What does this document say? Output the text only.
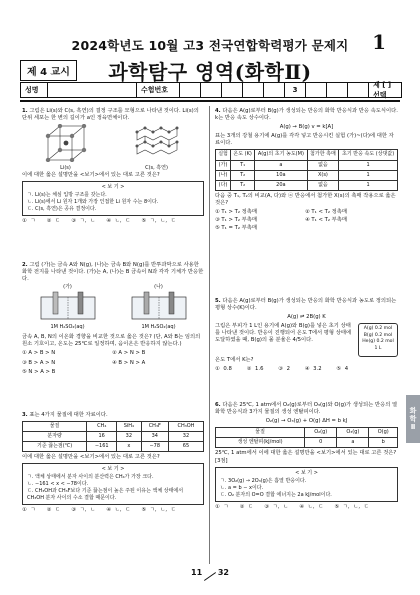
2024학년도 10월 고3 전국연합학력평가 문제지	1
제 4 교시	과학탐구 영역(화학Ⅱ)
성명	수험번호	3
제 [ ] 선택

1. 그림은 Li(s)와 C(s, 흑연)의 결정 구조를 모형으로 나타낸 것이다. Li(s)의 단위 세포는 한 변의 길이가 a인 정육면체이다.

Li(s)	C(s, 흑연)

이에 대한 옳은 설명만을 <보기>에서 있는 대로 고른 것은?

< 보 기 >
ㄱ. Li(s)는 체심 입방 구조를 갖는다.
ㄴ. Li(s)에서 Li 원자 1개와 가장 인접한 Li 원자 수는 8이다.
ㄷ. C(s, 흑연)은 공유 결정이다.
① ㄱ   ② ㄷ   ③ ㄱ, ㄴ   ④ ㄴ, ㄷ   ⑤ ㄱ, ㄴ, ㄷ

2. 그림 (가)는 금속 A와 N(g), (나)는 금속 B와 N(g)를 반투과막으로 사용한 화학 전지를 나타낸 것이다. (가)는 A, (나)는 B 금속이 N과 각각 기체가 반응한다.

(가)
1M H₂SO₄(aq)
(나)
1M H₂SO₄(aq)

금속 A, B, N의 이온화 경향을 비교한 것으로 옳은 것은? (단, A와 B는 임의의 원소 기호이고, 온도는 25℃로 일정하며, 음이온은 반응하지 않는다.)

① A > B > N	② A > N > B
③ B > A > N	④ B > N > A
⑤ N > A > B

3. 표는 4가지 물질에 대한 자료이다.

물질	CH₄	SiH₄	CH₃F	CH₃OH
분자량	16	32	34	32
기준 끓는점(℃)	−161	x	−78	65

이에 대한 옳은 설명만을 <보기>에서 있는 대로 고른 것은?

< 보 기 >
ㄱ. 액체 상태에서 분자 사이의 분산력은 CH₄가 가장 크다.
ㄴ. −161 < x < −78이다.
ㄷ. CH₃OH과 CH₃F보다 기준 끓는점이 높은 주된 이유는 액체 상태에서 CH₃OH 분자 사이의 수소 결합 때문이다.
① ㄱ   ② ㄷ   ③ ㄱ, ㄴ   ④ ㄴ, ㄷ   ⑤ ㄱ, ㄴ, ㄷ

4. 다음은 A(g)로부터 B(g)가 생성되는 반응의 화학 반응식과 반응 속도식이다. k는 반응 속도 상수이다.

A(g) → B(g) v = k[A]

표는 3개의 강철 용기에 A(g)를 각각 넣고 반응시킨 실험 (가)~(다)에 대한 자료이다.

실험	온도 (K)	A(g)의 초기 농도(M)	첨가한 촉매	초기 반응 속도 (상댓값)
(가)	T₁	a	없음	1
(나)	T₂	10a	X(s)	1
(다)	T₂	20a	없음	1

다음 중 T₁, T₂의 비교(A, 다)와 ⓐ 반응에서 첨가한 X(s)의 촉매 작용으로 옳은 것은?

① T₁ > T₂ 정촉매	② T₁ < T₂ 정촉매
③ T₁ > T₂ 부촉매	④ T₁ < T₂ 부촉매
⑤ T₁ = T₂ 부촉매

5. 다음은 A(g)로부터 B(g)가 생성되는 반응의 화학 반응식과 농도로 정의되는 평형 상수(K)이다.

A(g) ⇌ 2B(g) K

그림은 부피가 1 L인 용기에 A(g)와 B(g)를 넣은 초기 상태를 나타낸 것이다. 반응이 진행되어 온도 T에서 평형 상태에 도달하였을 때, B(g)의 몰 분율은 4/5이다.

A(g) 0.2 mol
B(g) 0.2 mol
He(g) 0.2 mol
1 L

온도 T에서 K는?

① 0.8    ② 1.6    ③ 2    ④ 3.2    ⑤ 4

6. 다음은 25℃, 1 atm에서 O₂(g)로부터 O₃(g)와 O(g)가 생성되는 반응의 열화학 반응식과 3가지 물질의 생성 엔탈피이다.

O₂(g) → O₃(g) + O(g) ΔH = b kJ

물질	O₂(g)	O₃(g)	O(g)
생성 엔탈피(kJ/mol)	0	a	b

25℃, 1 atm에서 이에 대한 옳은 설명만을 <보기>에서 있는 대로 고른 것은? [3점]

< 보 기 >
ㄱ. 3O₂(g) → 2O₃(g)은 흡열 반응이다.
ㄴ. a = b − x이다.
ㄷ. O₂ 분자의 O=O 결합 에너지는 2a kJ/mol이다.
① ㄱ   ② ㄷ   ③ ㄱ, ㄴ   ④ ㄴ, ㄷ   ⑤ ㄱ, ㄴ, ㄷ
화학Ⅱ
11 32
